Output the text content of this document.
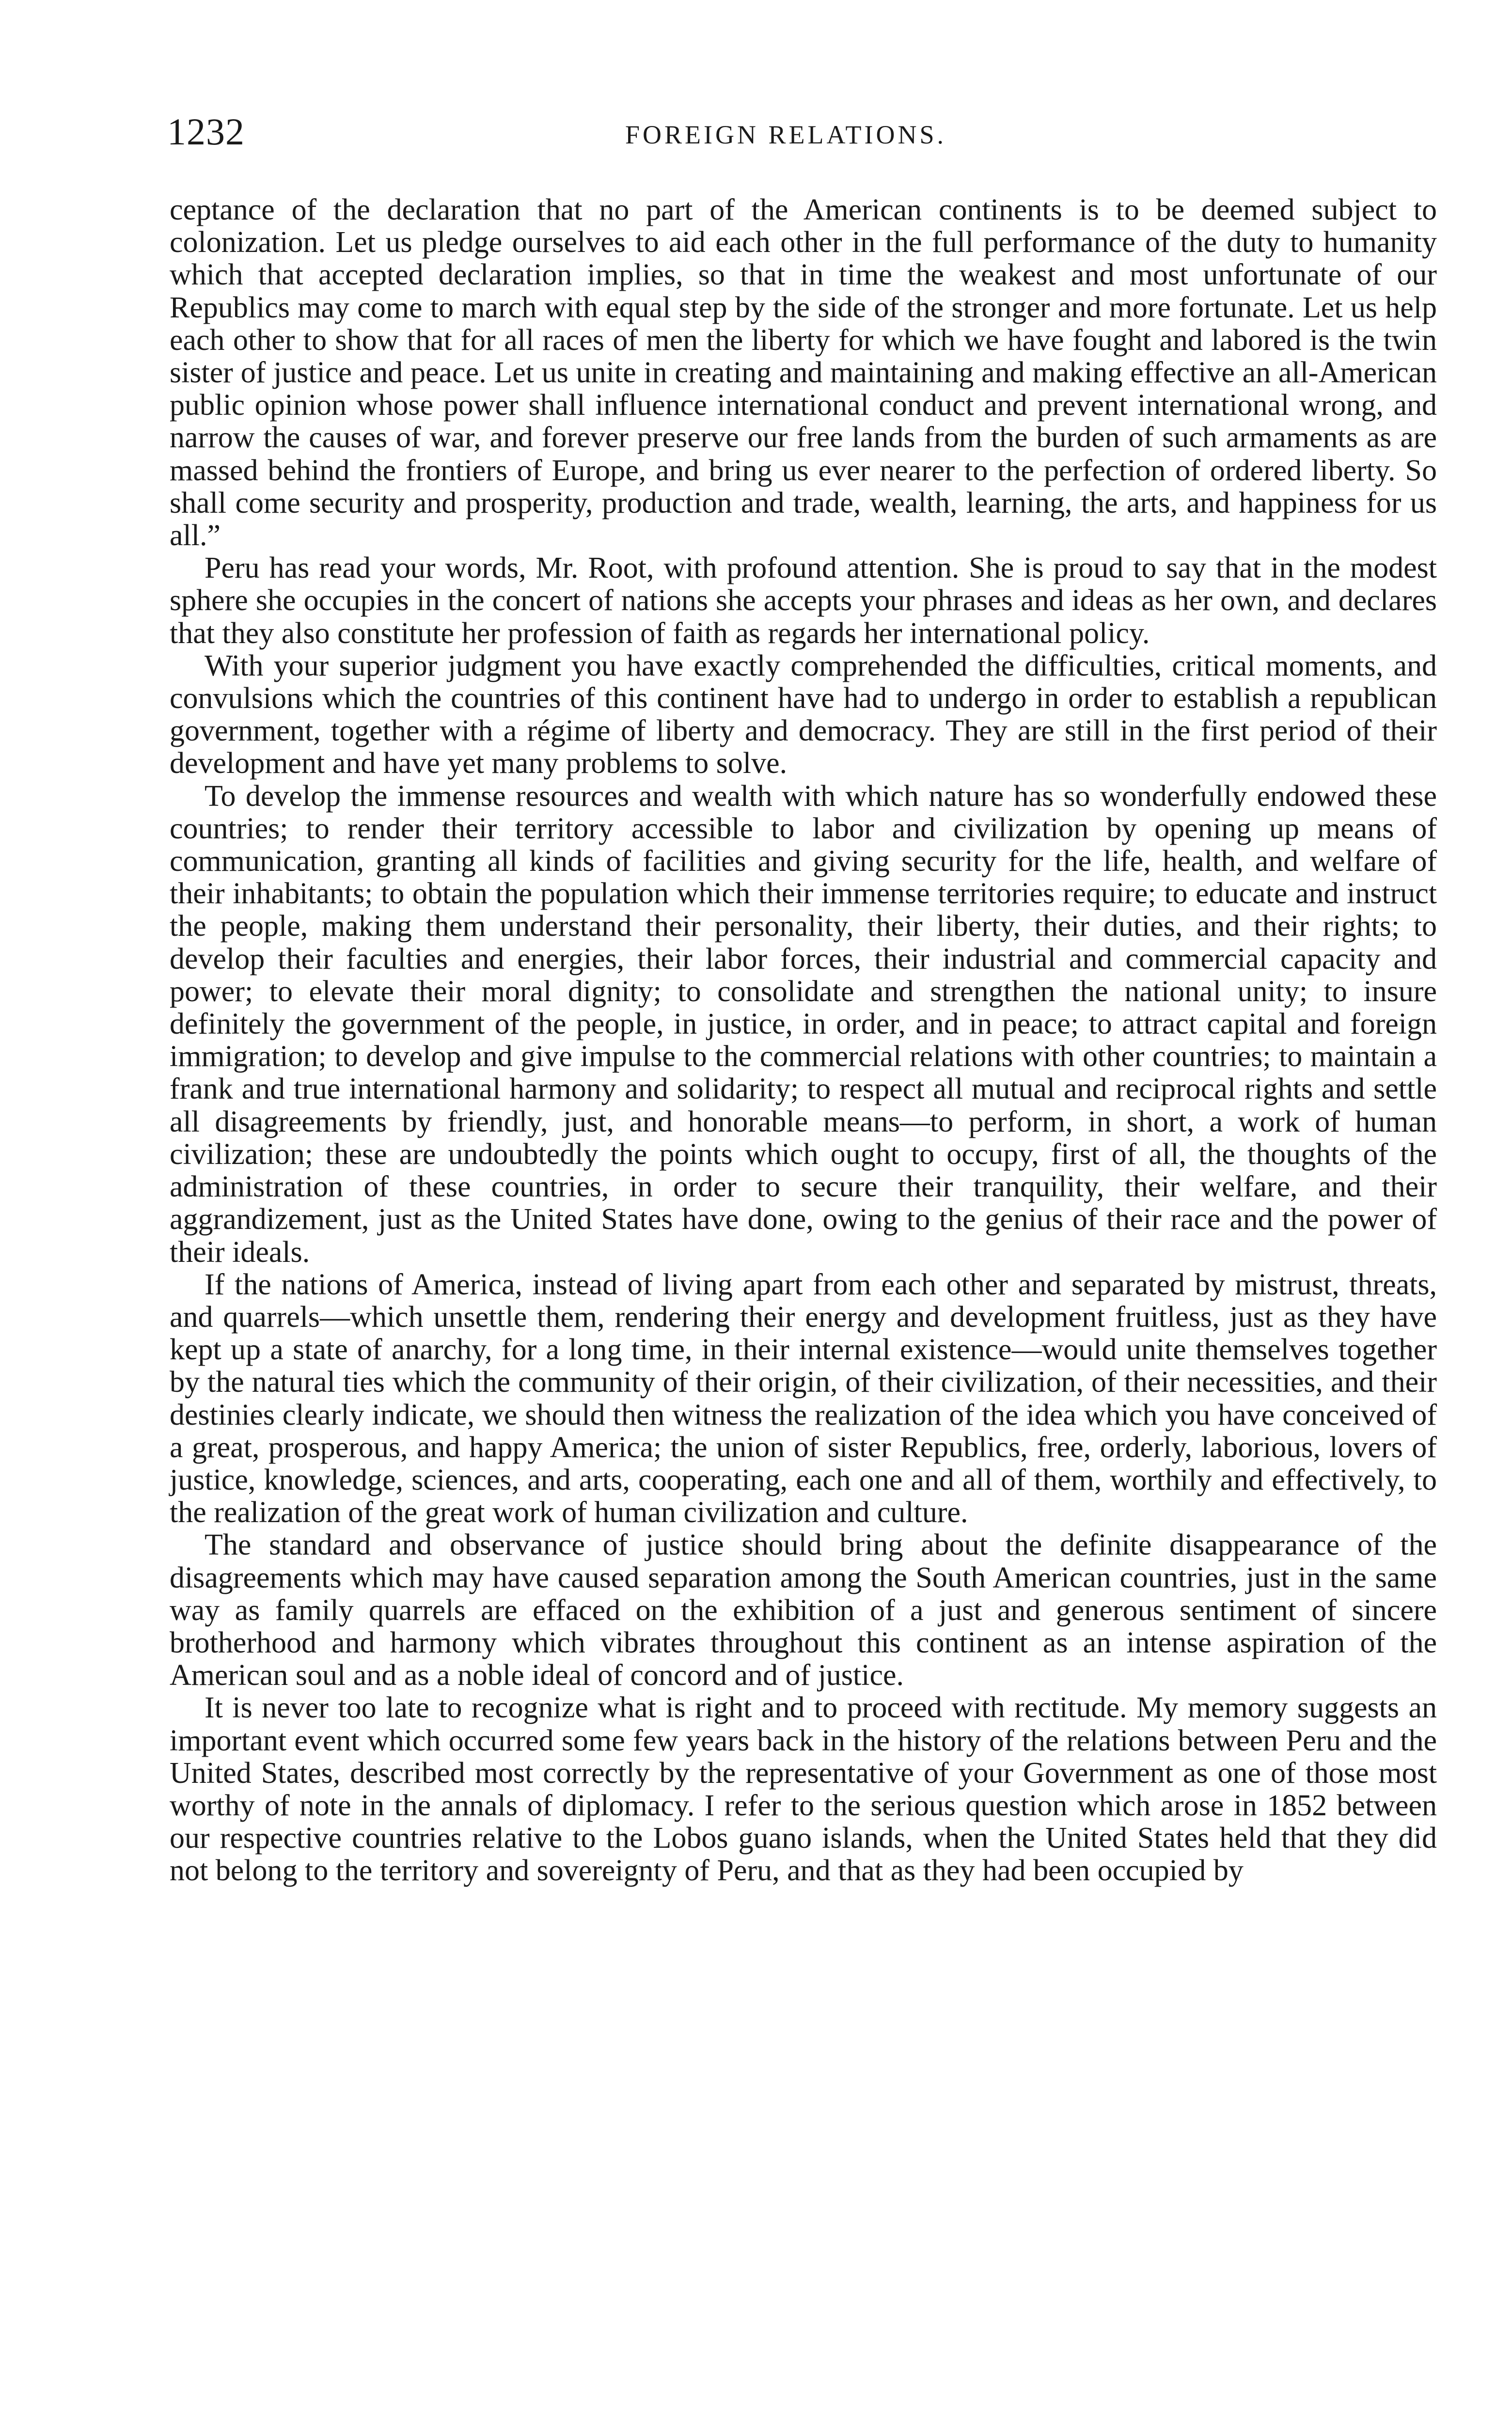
1232	FOREIGN RELATIONS.

ceptance of the declaration that no part of the American continents is to be deemed subject to colonization. Let us pledge ourselves to aid each other in the full performance of the duty to humanity which that accepted declaration implies, so that in time the weakest and most unfortunate of our Republics may come to march with equal step by the side of the stronger and more fortunate. Let us help each other to show that for all races of men the liberty for which we have fought and labored is the twin sister of justice and peace. Let us unite in creating and maintaining and making effective an all-American public opinion whose power shall influence international conduct and prevent international wrong, and narrow the causes of war, and forever preserve our free lands from the burden of such armaments as are massed behind the frontiers of Europe, and bring us ever nearer to the perfection of ordered liberty. So shall come security and prosperity, production and trade, wealth, learning, the arts, and happiness for us all.”

Peru has read your words, Mr. Root, with profound attention. She is proud to say that in the modest sphere she occupies in the concert of nations she accepts your phrases and ideas as her own, and declares that they also constitute her profession of faith as regards her international policy.

With your superior judgment you have exactly comprehended the difficulties, critical moments, and convulsions which the countries of this continent have had to undergo in order to establish a republican government, together with a régime of liberty and democracy. They are still in the first period of their development and have yet many problems to solve.

To develop the immense resources and wealth with which nature has so wonderfully endowed these countries; to render their territory accessible to labor and civilization by opening up means of communication, granting all kinds of facilities and giving security for the life, health, and welfare of their inhabitants; to obtain the population which their immense territories require; to educate and instruct the people, making them understand their personality, their liberty, their duties, and their rights; to develop their faculties and energies, their labor forces, their industrial and commercial capacity and power; to elevate their moral dignity; to consolidate and strengthen the national unity; to insure definitely the government of the people, in justice, in order, and in peace; to attract capital and foreign immigration; to develop and give impulse to the commercial relations with other countries; to maintain a frank and true international harmony and solidarity; to respect all mutual and reciprocal rights and settle all disagreements by friendly, just, and honorable means—to perform, in short, a work of human civilization; these are undoubtedly the points which ought to occupy, first of all, the thoughts of the administration of these countries, in order to secure their tranquility, their welfare, and their aggrandizement, just as the United States have done, owing to the genius of their race and the power of their ideals.

If the nations of America, instead of living apart from each other and separated by mistrust, threats, and quarrels—which unsettle them, rendering their energy and development fruitless, just as they have kept up a state of anarchy, for a long time, in their internal existence—would unite themselves together by the natural ties which the community of their origin, of their civilization, of their necessities, and their destinies clearly indicate, we should then witness the realization of the idea which you have conceived of a great, prosperous, and happy America; the union of sister Republics, free, orderly, laborious, lovers of justice, knowledge, sciences, and arts, cooperating, each one and all of them, worthily and effectively, to the realization of the great work of human civilization and culture.

The standard and observance of justice should bring about the definite disappearance of the disagreements which may have caused separation among the South American countries, just in the same way as family quarrels are effaced on the exhibition of a just and generous sentiment of sincere brotherhood and harmony which vibrates throughout this continent as an intense aspiration of the American soul and as a noble ideal of concord and of justice.

It is never too late to recognize what is right and to proceed with rectitude. My memory suggests an important event which occurred some few years back in the history of the relations between Peru and the United States, described most correctly by the representative of your Government as one of those most worthy of note in the annals of diplomacy. I refer to the serious question which arose in 1852 between our respective countries relative to the Lobos guano islands, when the United States held that they did not belong to the territory and sovereignty of Peru, and that as they had been occupied by
